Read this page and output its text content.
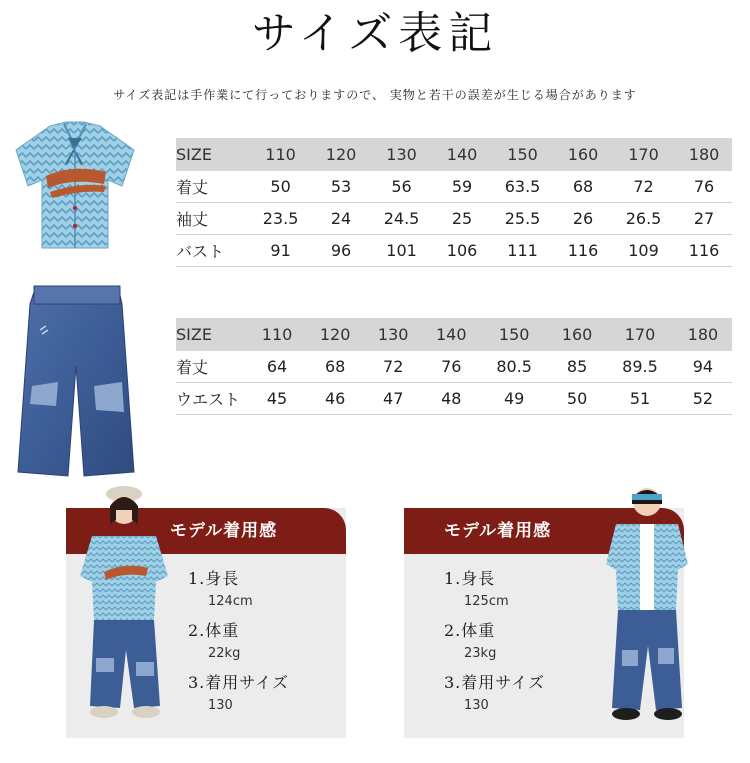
サイズ表記
サイズ表記は手作業にて行っておりますので、 実物と若干の誤差が生じる場合があります
SIZE	110	120	130	140	150	160	170	180
着丈	50	53	56	59	63.5	68	72	76
袖丈	23.5	24	24.5	25	25.5	26	26.5	27
バスト	91	96	101	106	111	116	109	116
SIZE	110	120	130	140	150	160	170	180
着丈	64	68	72	76	80.5	85	89.5	94
ウエスト	45	46	47	48	49	50	51	52
モデル着用感
1.身長
124cm
2.体重
22kg
3.着用サイズ
130
モデル着用感
1.身長
125cm
2.体重
23kg
3.着用サイズ
130
